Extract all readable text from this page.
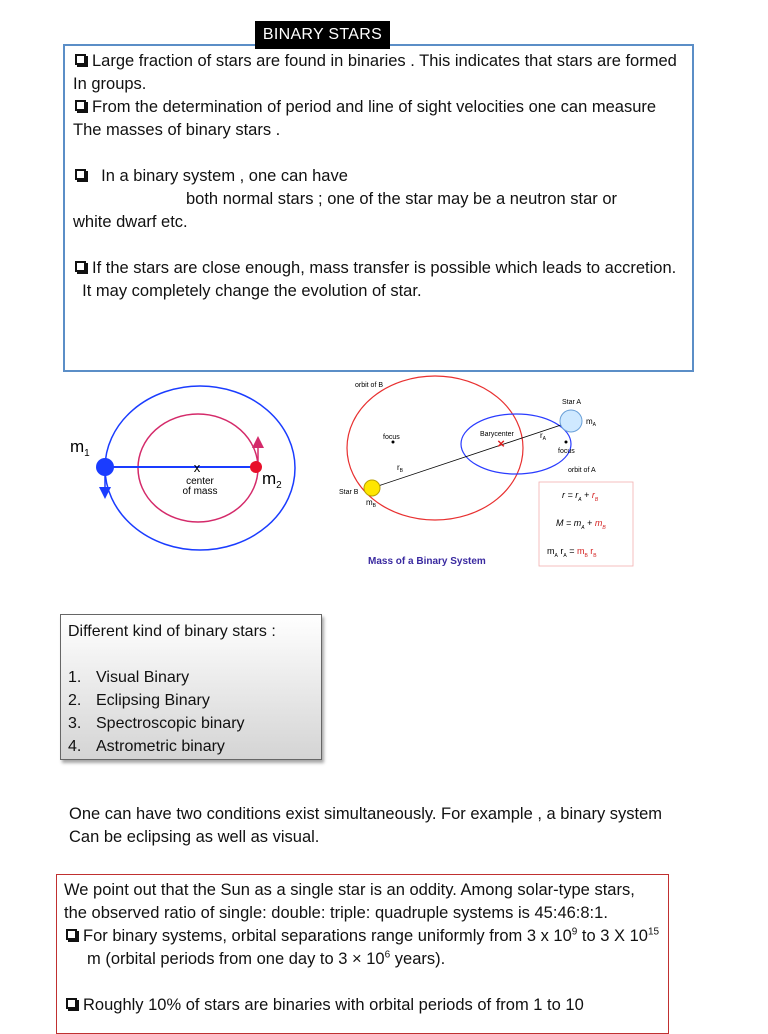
BINARY STARS

Large fraction of stars are found in binaries . This indicates that stars are formed

In groups.

From the determination of period and line of sight velocities one can measure The masses of binary stars .

In a binary system , one can have

both normal stars ; one of the star may be a neutron star or

white dwarf etc.

If the stars are close enough, mass transfer is possible which leads to accretion.

It may completely change the evolution of star.

x
$m_1$
$m_2$
center
of mass
×
orbit of B
orbit of A
Star A
Star B
focus
focus
Barycenter	$r_A$
$r_B$
$m_A$
$m_B$
$r = r_A + r_B$
$M = m_A + m_B$
$m_A$ $r_A = m_B$ $r_B$
Mass of a Binary System

Different kind of binary stars :

1. Visual Binary
2. Eclipsing Binary
3. Spectroscopic binary
4. Astrometric binary

One can have two conditions exist simultaneously. For example , a binary system

Can be eclipsing as well as visual.

We point out that the Sun as a single star is an oddity. Among solar-type stars, the observed ratio of single: double: triple: quadruple systems is 45:46:8:1.

For binary systems, orbital separations range uniformly from 3 x $10^9$ to 3 X $10^{15}$ m (orbital periods from one day to $3 \times 10^6$ years).

Roughly 10% of stars are binaries with orbital periods of from 1 to 10
